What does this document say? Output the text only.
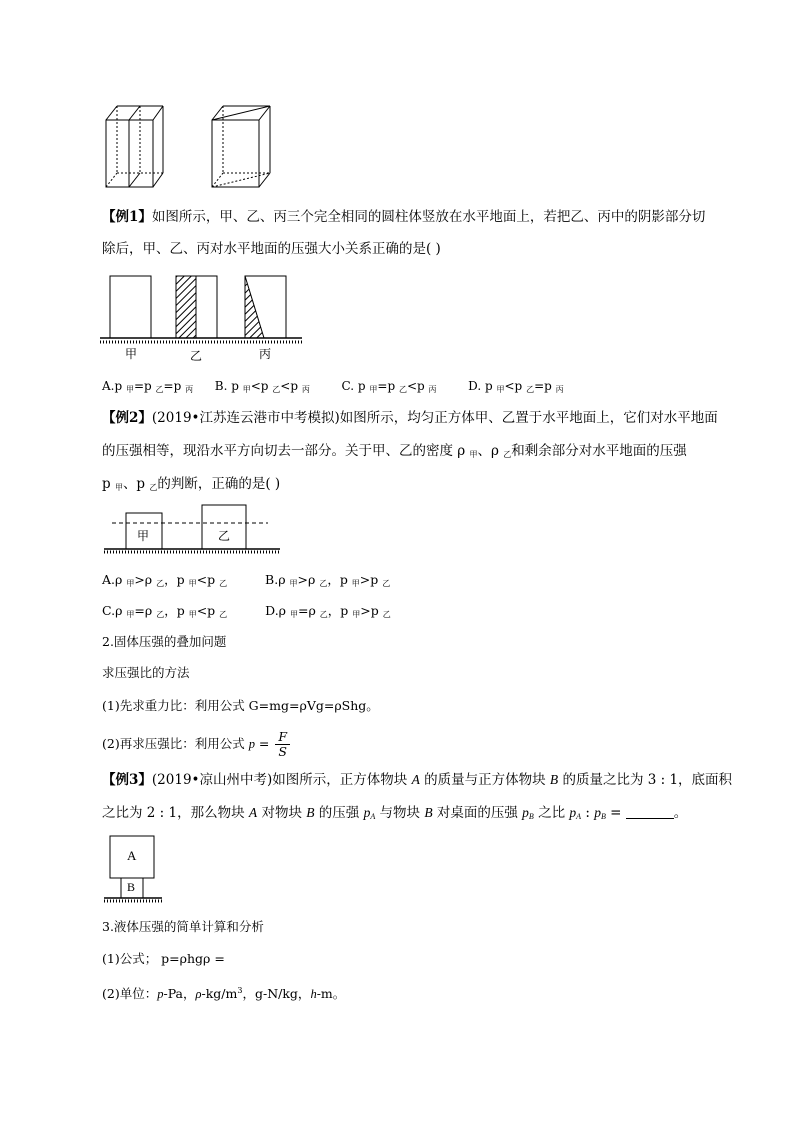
【例1】如图所示，甲、乙、丙三个完全相同的圆柱体竖放在水平地面上，若把乙、丙中的阴影部分切
除后，甲、乙、丙对水平地面的压强大小关系正确的是( )
甲	乙	丙
A.p $_甲$=p $_乙$=p $_丙$ B. p $_甲$<p $_乙$<p $_丙$	C. p $_甲$=p $_乙$<p $_丙$	D. p $_甲$<p $_乙$=p $_丙$
【例2】(2019•江苏连云港市中考模拟)如图所示，均匀正方体甲、乙置于水平地面上，它们对水平地面
的压强相等，现沿水平方向切去一部分。关于甲、乙的密度 ρ $_甲$、ρ $_乙$和剩余部分对水平地面的压强
p $_甲$、p $_乙$的判断，正确的是( )
甲	乙
A.ρ $_甲$>ρ $_乙$，p $_甲$<p $_乙$	B.ρ $_甲$>ρ $_乙$，p $_甲$>p $_乙$
C.ρ $_甲$=ρ $_乙$，p $_甲$<p $_乙$	D.ρ $_甲$=ρ $_乙$，p $_甲$>p $_乙$
2.固体压强的叠加问题
求压强比的方法
(1)先求重力比：利用公式 G=mg=ρVg=ρShg。
(2)再求压强比：利用公式 $p = \frac{F}{S}$
【例3】(2019•凉山州中考)如图所示，正方体物块 A 的质量与正方体物块 B 的质量之比为 3 : 1，底面积
之比为 2 : 1，那么物块 A 对物块 B 的压强 $p_A$ 与物块 B 对桌面的压强 $p_B$ 之比 $p_A$ : $p_B$ =	。
A
B
3.液体压强的简单计算和分析
(1)公式； p=ρhgρ =
(2)单位：p-Pa，$\rho-kg/m^3$，g-N/kg，h-m。
